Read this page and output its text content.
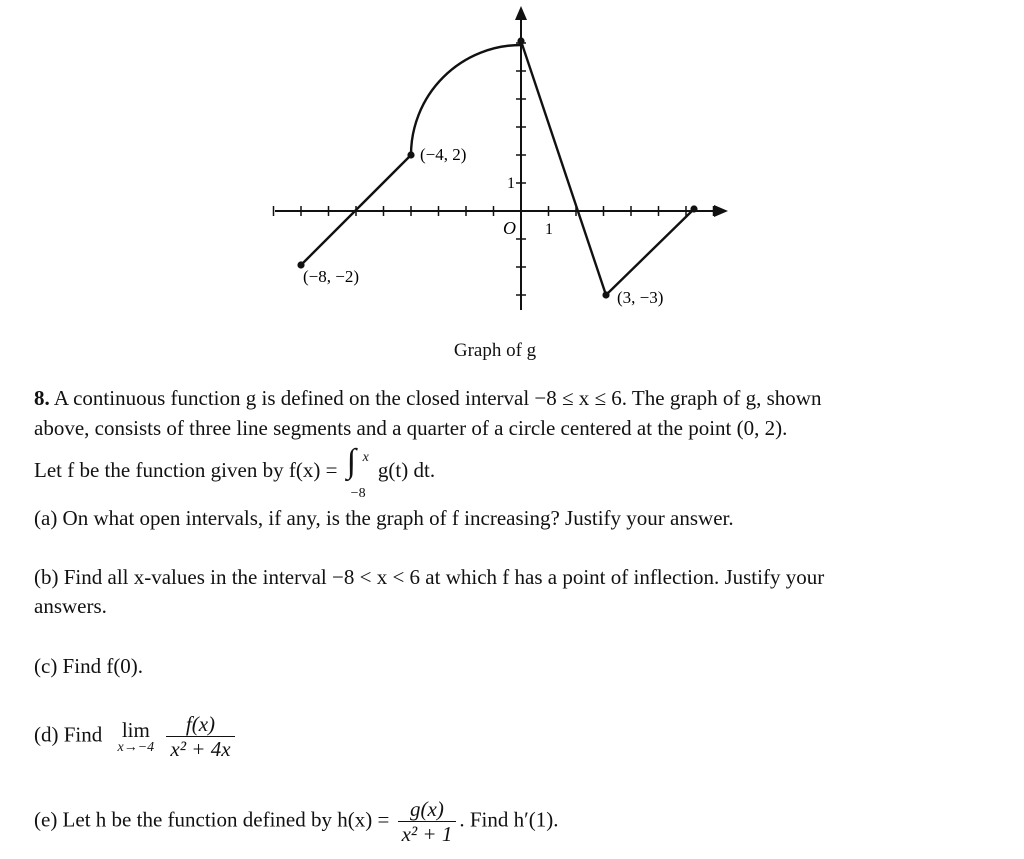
(−8, −2)
(−4, 2)
(3, −3)
O 1
1
Graph of g

8. A continuous function g is defined on the closed interval −8 ≤ x ≤ 6. The graph of g, shown

above, consists of three line segments and a quarter of a circle centered at the point (0, 2).

Let f be the function given by f(x) = ∫ x
−8
g(t) dt.

(a) On what open intervals, if any, is the graph of f increasing? Justify your answer.
(b) Find all x-values in the interval −8 < x < 6 at which f has a point of inflection. Justify your
answers.
(c) Find f(0).
(d) Find lim
x→−4
$\frac{f(x)}{\text{x² + 4x}}$
(e) Let h be the function defined by $h(x) = \frac{g(x)}{\text{x² + 1}}$ . Find h′(1).
